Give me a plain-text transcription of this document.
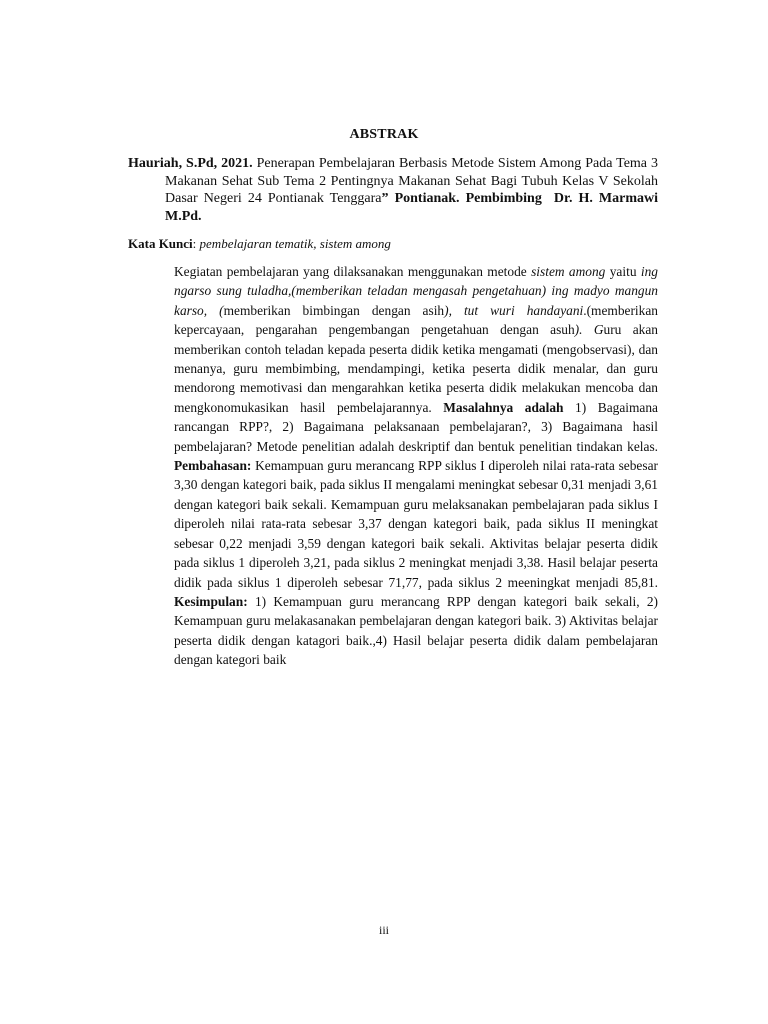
ABSTRAK
Hauriah, S.Pd, 2021. Penerapan Pembelajaran Berbasis Metode Sistem Among Pada Tema 3 Makanan Sehat Sub Tema 2 Pentingnya Makanan Sehat Bagi Tubuh Kelas V Sekolah Dasar Negeri 24 Pontianak Tenggara” Pontianak. Pembimbing Dr. H. Marmawi M.Pd.
Kata Kunci: pembelajaran tematik, sistem among
Kegiatan pembelajaran yang dilaksanakan menggunakan metode sistem among yaitu ing ngarso sung tuladha,(memberikan teladan mengasah pengetahuan) ing madyo mangun karso, (memberikan bimbingan dengan asih), tut wuri handayani.(memberikan kepercayaan, pengarahan pengembangan pengetahuan dengan asuh). Guru akan memberikan contoh teladan kepada peserta didik ketika mengamati (mengobservasi), dan menanya, guru membimbing, mendampingi, ketika peserta didik menalar, dan guru mendorong memotivasi dan mengarahkan ketika peserta didik melakukan mencoba dan mengkonomukasikan hasil pembelajarannya. Masalahnya adalah 1) Bagaimana rancangan RPP?, 2) Bagaimana pelaksanaan pembelajaran?, 3) Bagaimana hasil pembelajaran? Metode penelitian adalah deskriptif dan bentuk penelitian tindakan kelas. Pembahasan: Kemampuan guru merancang RPP siklus I diperoleh nilai rata-rata sebesar 3,30 dengan kategori baik, pada siklus II mengalami meningkat sebesar 0,31 menjadi 3,61 dengan kategori baik sekali. Kemampuan guru melaksanakan pembelajaran pada siklus I diperoleh nilai rata-rata sebesar 3,37 dengan kategori baik, pada siklus II meningkat sebesar 0,22 menjadi 3,59 dengan kategori baik sekali. Aktivitas belajar peserta didik pada siklus 1 diperoleh 3,21, pada siklus 2 meningkat menjadi 3,38. Hasil belajar peserta didik pada siklus 1 diperoleh sebesar 71,77, pada siklus 2 meeningkat menjadi 85,81. Kesimpulan: 1) Kemampuan guru merancang RPP dengan kategori baik sekali, 2) Kemampuan guru melakasanakan pembelajaran dengan kategori baik. 3) Aktivitas belajar peserta didik dengan katagori baik.,4) Hasil belajar peserta didik dalam pembelajaran dengan kategori baik
iii
